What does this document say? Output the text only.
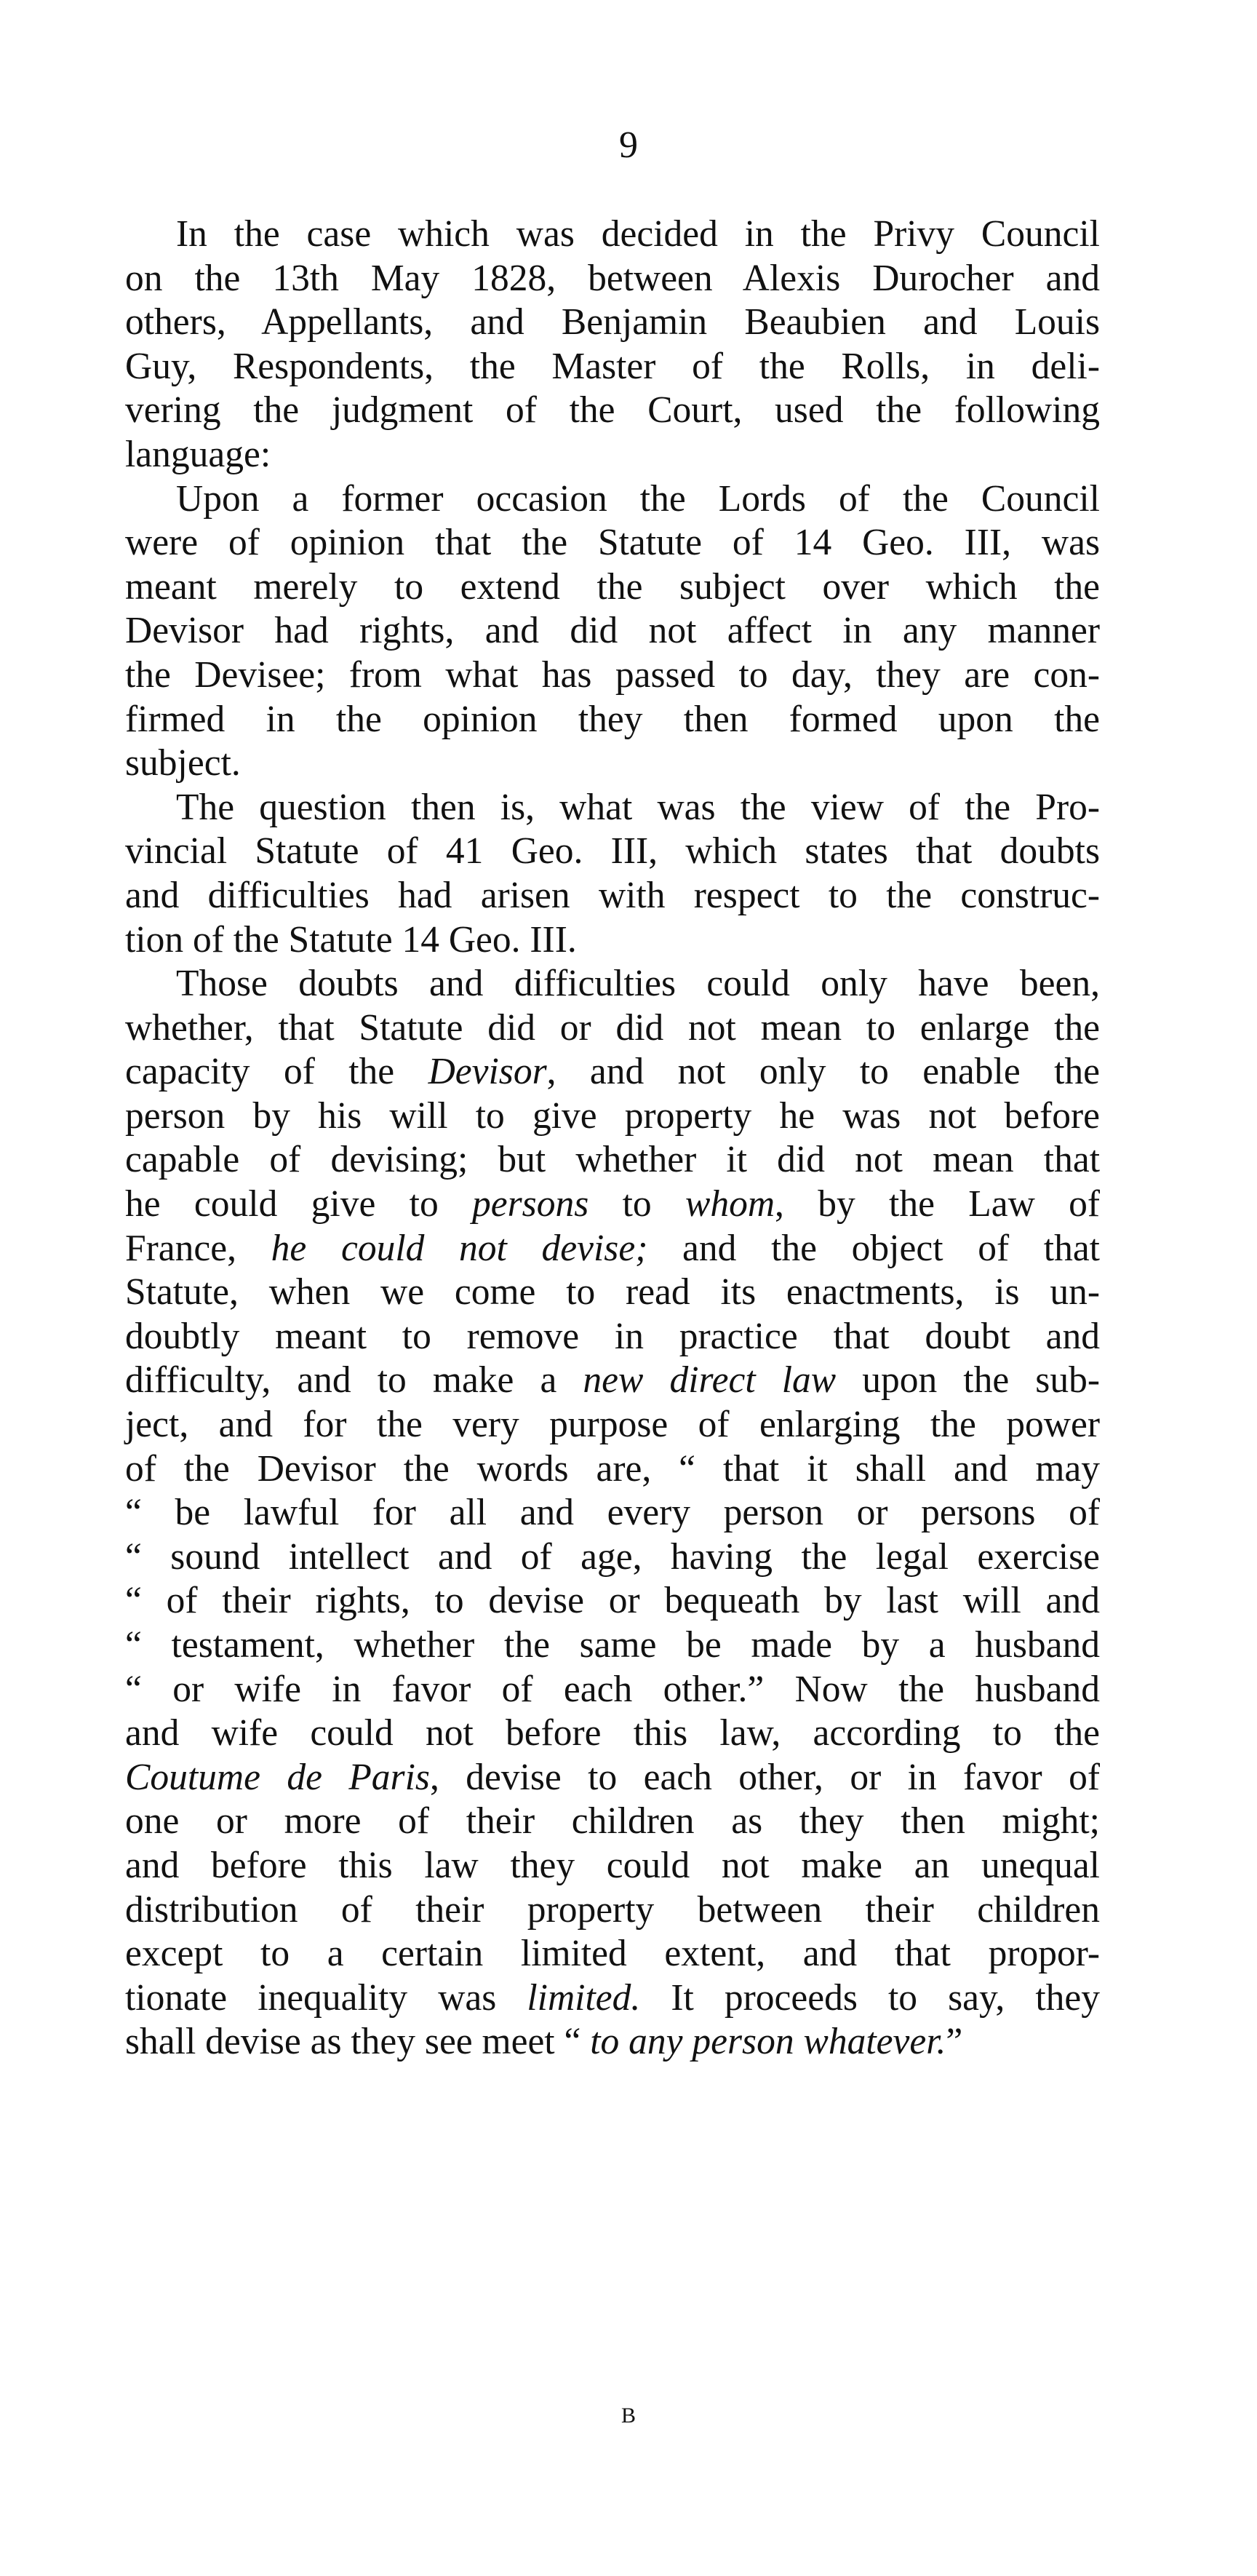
9
In the case which was decided in the Privy Council
on the 13th May 1828, between Alexis Durocher and
others, Appellants, and Benjamin Beaubien and Louis
Guy, Respondents, the Master of the Rolls, in deli-
vering the judgment of the Court, used the following
language:
Upon a former occasion the Lords of the Council
were of opinion that the Statute of 14 Geo. III, was
meant merely to extend the subject over which the
Devisor had rights, and did not affect in any manner
the Devisee; from what has passed to day, they are con-
firmed in the opinion they then formed upon the
subject.
The question then is, what was the view of the Pro-
vincial Statute of 41 Geo. III, which states that doubts
and difficulties had arisen with respect to the construc-
tion of the Statute 14 Geo. III.
Those doubts and difficulties could only have been,
whether, that Statute did or did not mean to enlarge the
capacity of the Devisor, and not only to enable the
person by his will to give property he was not before
capable of devising; but whether it did not mean that
he could give to persons to whom, by the Law of
France, he could not devise; and the object of that
Statute, when we come to read its enactments, is un-
doubtly meant to remove in practice that doubt and
difficulty, and to make a new direct law upon the sub-
ject, and for the very purpose of enlarging the power
of the Devisor the words are, “ that it shall and may
“ be lawful for all and every person or persons of
“ sound intellect and of age, having the legal exercise
“ of their rights, to devise or bequeath by last will and
“ testament, whether the same be made by a husband
“ or wife in favor of each other.” Now the husband
and wife could not before this law, according to the
Coutume de Paris, devise to each other, or in favor of
one or more of their children as they then might;
and before this law they could not make an unequal
distribution of their property between their children
except to a certain limited extent, and that propor-
tionate inequality was limited. It proceeds to say, they
shall devise as they see meet “ to any person whatever.”
B
